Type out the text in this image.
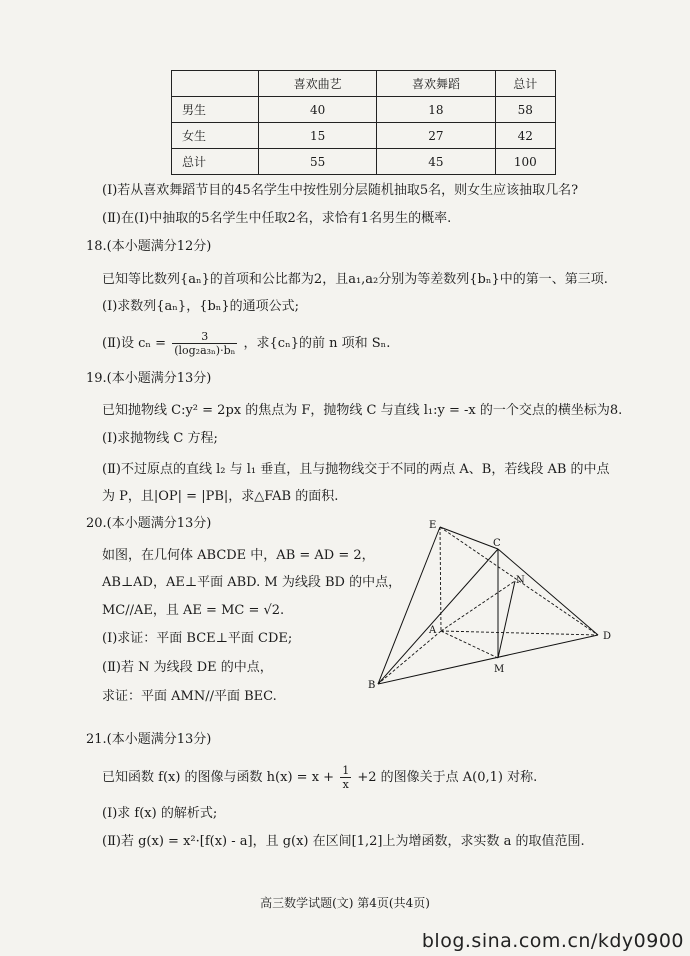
	喜欢曲艺	喜欢舞蹈	总计
男生	40	18	58
女生	15	27	42
总计	55	45	100
(Ⅰ)若从喜欢舞蹈节目的45名学生中按性别分层随机抽取5名，则女生应该抽取几名?
(Ⅱ)在(Ⅰ)中抽取的5名学生中任取2名，求恰有1名男生的概率.
18.(本小题满分12分)
已知等比数列{aₙ}的首项和公比都为2，且a₁,a₂分别为等差数列{bₙ}中的第一、第三项.
(Ⅰ)求数列{aₙ}，{bₙ}的通项公式;
(Ⅱ)设 $c_n = \frac{3}{\text{(log₂a₃ₙ)·bₙ}}$ ，求{cₙ}的前 n 项和 Sₙ.
19.(本小题满分13分)
已知抛物线 C:y² = 2px 的焦点为 F，抛物线 C 与直线 l₁:y = -x 的一个交点的横坐标为8.
(Ⅰ)求抛物线 C 方程;
(Ⅱ)不过原点的直线 l₂ 与 l₁ 垂直，且与抛物线交于不同的两点 A、B，若线段 AB 的中点
为 P，且|OP| = |PB|，求△FAB 的面积.
20.(本小题满分13分)
如图，在几何体 ABCDE 中，AB = AD = 2，
AB⊥AD，AE⊥平面 ABD. M 为线段 BD 的中点，
MC//AE，且 AE = MC = √2.
(Ⅰ)求证：平面 BCE⊥平面 CDE;
(Ⅱ)若 N 为线段 DE 的中点，
求证：平面 AMN//平面 BEC.
E
C
N
A
D
M
B
21.(本小题满分13分)
已知函数 f(x) 的图像与函数 $h(x) = x + \frac{1}{x} +2$ 的图像关于点 A(0,1) 对称.
(Ⅰ)求 f(x) 的解析式;
(Ⅱ)若 g(x) = x²·[f(x) - a]，且 g(x) 在区间[1,2]上为增函数，求实数 a 的取值范围.
高三数学试题(文) 第4页(共4页)
blog.sina.com.cn/kdy0900
